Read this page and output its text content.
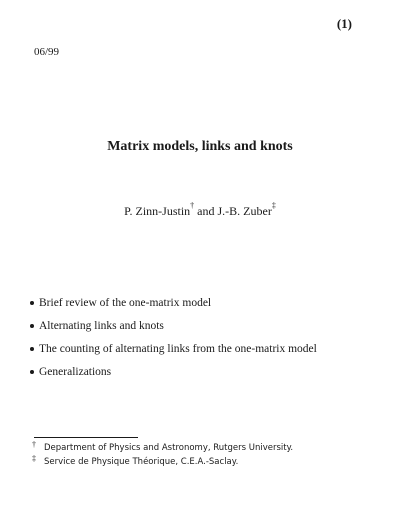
(1)
06/99
Matrix models, links and knots
P. Zinn-Justin† and J.-B. Zuber‡
Brief review of the one-matrix model
Alternating links and knots
The counting of alternating links from the one-matrix model
Generalizations
† Department of Physics and Astronomy, Rutgers University.
‡ Service de Physique Théorique, C.E.A.-Saclay.
